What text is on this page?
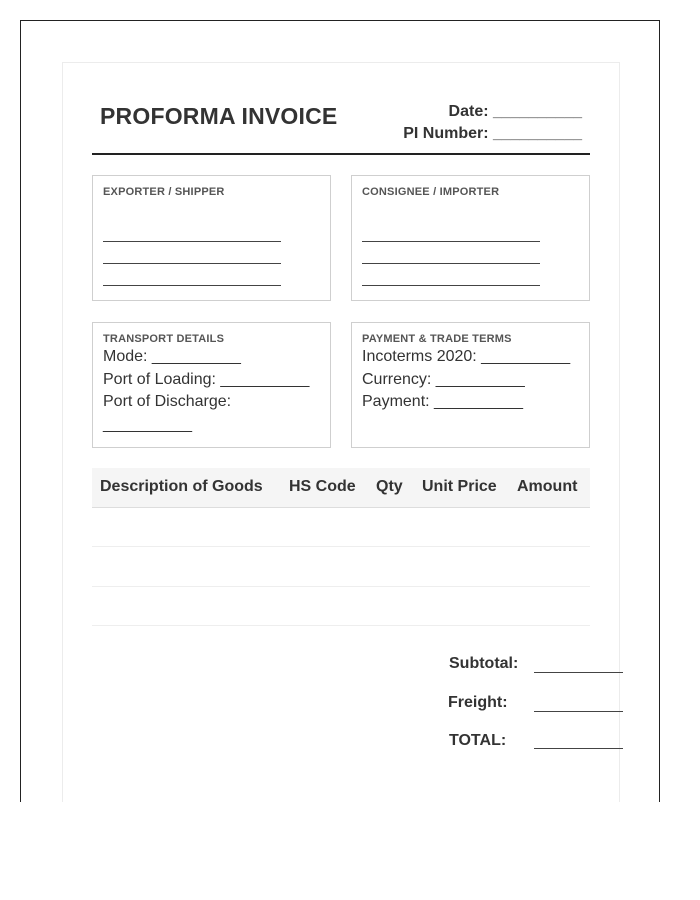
PROFORMA INVOICE	Date: __________
PI Number: __________
EXPORTER / SHIPPER	CONSIGNEE / IMPORTER
TRANSPORT DETAILS
Mode: __________
Port of Loading: __________
Port of Discharge:
__________
PAYMENT & TRADE TERMS
Incoterms 2020: __________
Currency: __________
Payment: __________
Description of Goods HS Code Qty Unit Price Amount
Subtotal:
Freight:
TOTAL:
